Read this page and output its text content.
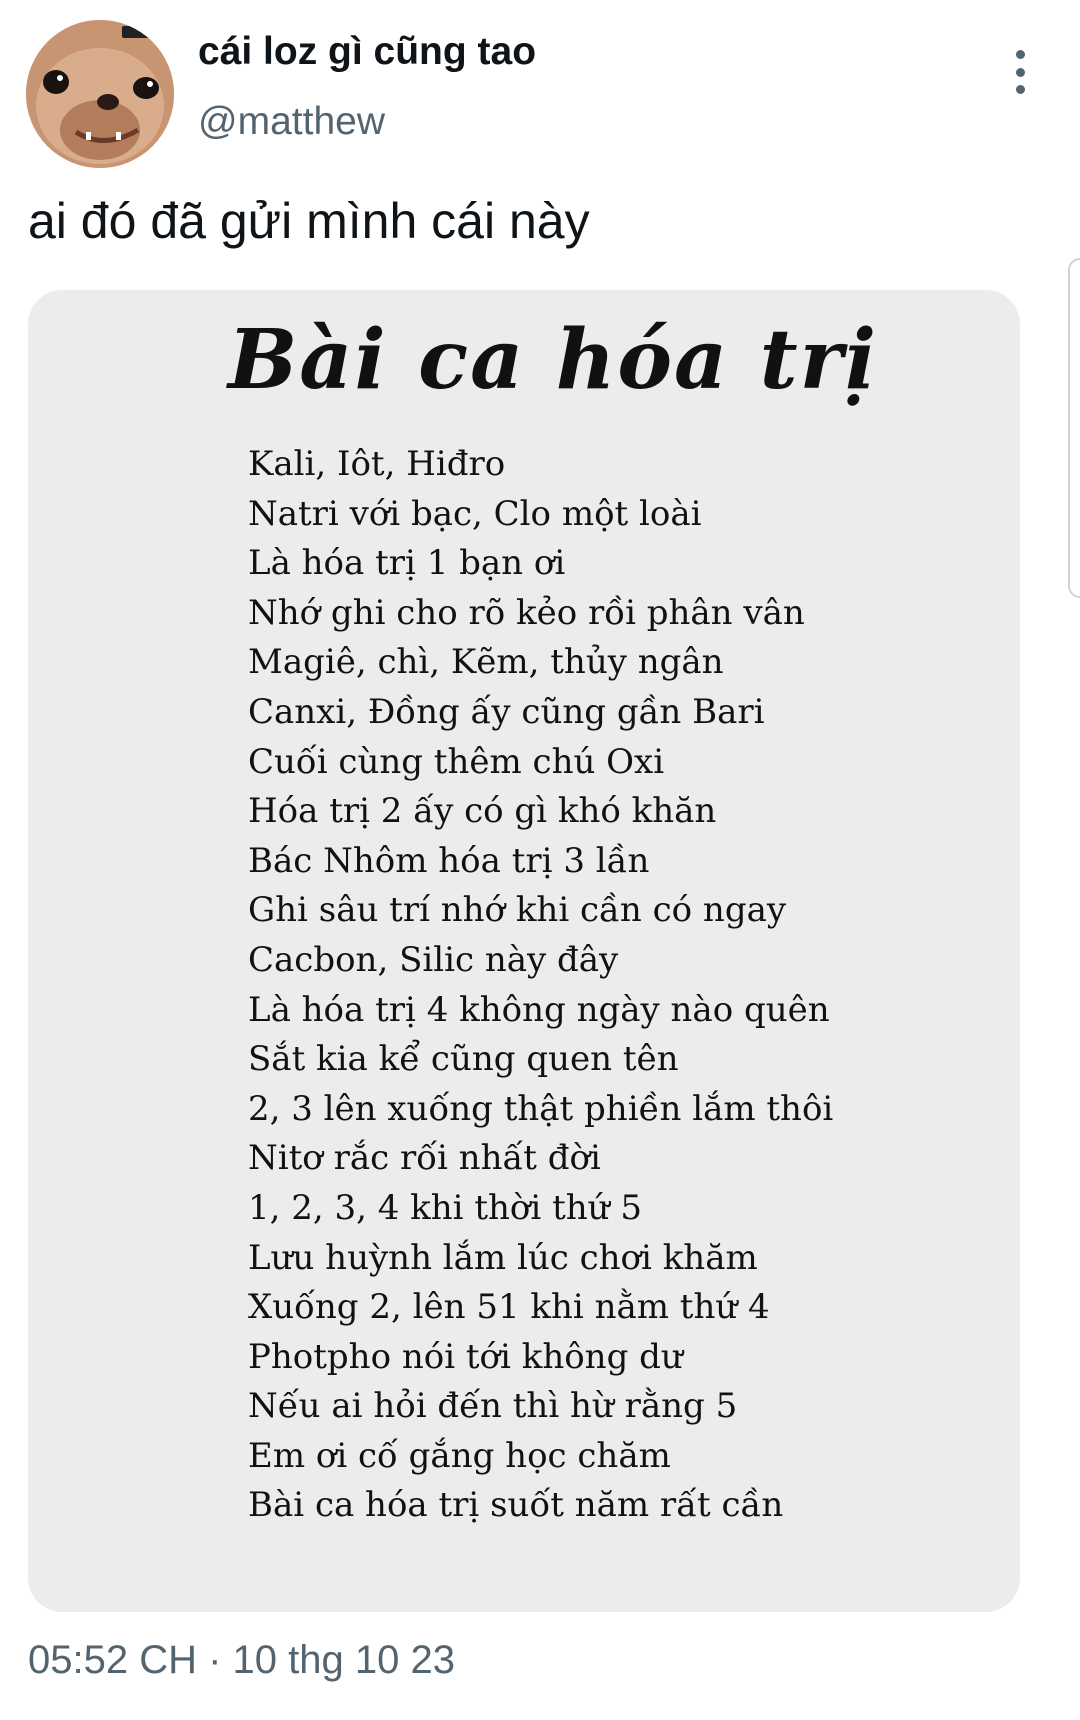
cái loz gì cũng tao
@matthew
ai đó đã gửi mình cái này
Bài ca hóa trị
Kali, Iôt, Hiđro
Natri với bạc, Clo một loài
Là hóa trị 1 bạn ơi
Nhớ ghi cho rõ kẻo rồi phân vân
Magiê, chì, Kẽm, thủy ngân
Canxi, Đồng ấy cũng gần Bari
Cuối cùng thêm chú Oxi
Hóa trị 2 ấy có gì khó khăn
Bác Nhôm hóa trị 3 lần
Ghi sâu trí nhớ khi cần có ngay
Cacbon, Silic này đây
Là hóa trị 4 không ngày nào quên
Sắt kia kể cũng quen tên
2, 3 lên xuống thật phiền lắm thôi
Nitơ rắc rối nhất đời
1, 2, 3, 4 khi thời thứ 5
Lưu huỳnh lắm lúc chơi khăm
Xuống 2, lên 51 khi nằm thứ 4
Photpho nói tới không dư
Nếu ai hỏi đến thì hừ rằng 5
Em ơi cố gắng học chăm
Bài ca hóa trị suốt năm rất cần
05:52 CH · 10 thg 10 23
